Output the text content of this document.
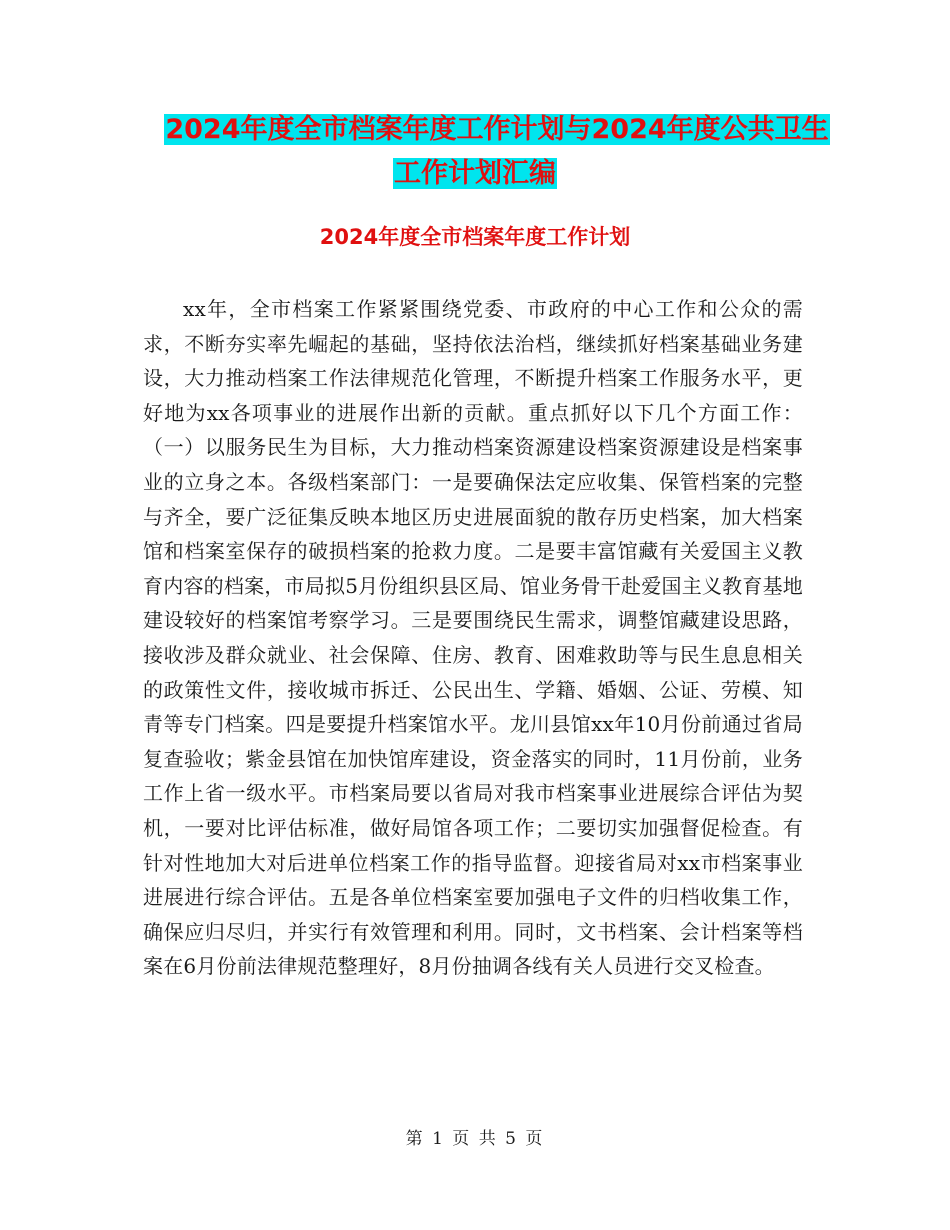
2024年度全市档案年度工作计划与2024年度公共卫生
工作计划汇编
2024年度全市档案年度工作计划

xx年，全市档案工作紧紧围绕党委、市政府的中心工作和公众的需求，不断夯实率先崛起的基础，坚持依法治档，继续抓好档案基础业务建设，大力推动档案工作法律规范化管理，不断提升档案工作服务水平，更好地为xx各项事业的进展作出新的贡献。重点抓好以下几个方面工作：（一）以服务民生为目标，大力推动档案资源建设档案资源建设是档案事业的立身之本。各级档案部门：一是要确保法定应收集、保管档案的完整与齐全，要广泛征集反映本地区历史进展面貌的散存历史档案，加大档案馆和档案室保存的破损档案的抢救力度。二是要丰富馆藏有关爱国主义教育内容的档案，市局拟5月份组织县区局、馆业务骨干赴爱国主义教育基地建设较好的档案馆考察学习。三是要围绕民生需求，调整馆藏建设思路，接收涉及群众就业、社会保障、住房、教育、困难救助等与民生息息相关的政策性文件，接收城市拆迁、公民出生、学籍、婚姻、公证、劳模、知青等专门档案。四是要提升档案馆水平。龙川县馆xx年10月份前通过省局复查验收；紫金县馆在加快馆库建设，资金落实的同时，11月份前，业务工作上省一级水平。市档案局要以省局对我市档案事业进展综合评估为契机，一要对比评估标准，做好局馆各项工作；二要切实加强督促检查。有针对性地加大对后进单位档案工作的指导监督。迎接省局对xx市档案事业进展进行综合评估。五是各单位档案室要加强电子文件的归档收集工作，确保应归尽归，并实行有效管理和利用。同时，文书档案、会计档案等档案在6月份前法律规范整理好，8月份抽调各线有关人员进行交叉检查。

第 1 页 共 5 页
